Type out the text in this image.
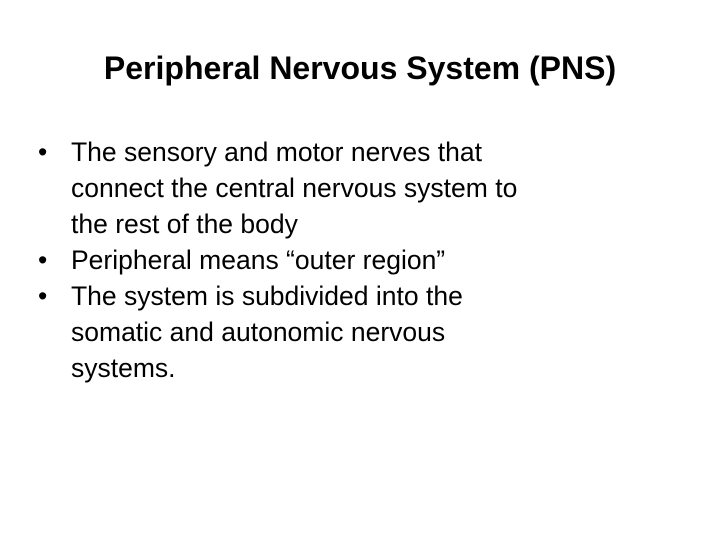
Peripheral Nervous System (PNS)
• The sensory and motor nerves that
connect the central nervous system to
the rest of the body
• Peripheral means “outer region”
• The system is subdivided into the
somatic and autonomic nervous
systems.
